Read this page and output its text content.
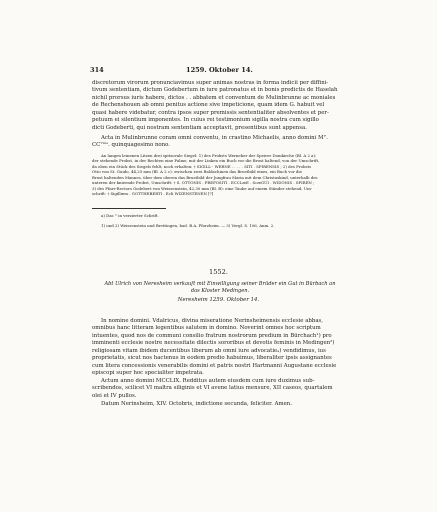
314	1259. Oktober 14.
discretorum virorum pronunciavimus super animas nostras in forma indicii per diffini-
tivum sententiam, dictum Godebertum in iure patronatus et in bonis predictis de Haselah
nichil prorsus iuris habere, dictos . . abbatem et conventum de Mulinbrunne ac moniales
de Rechenshouen ab omni penitus actione sive impeticione, quam idem G. habuit vel
quasi habere videbatur, contra ipsos super premissis sententialiter absolventes et per-
petuum ei silentium imponentes. In cuius rei testimonium sigilla nostra cum sigillo
dicti Godeberti, qui nostram sententiam acceptavit, presentibus sunt appensa.
Acta in Mulinbrunne coram omni conventu, in crastino Michaelis, anno domini M°.
CC°ᵐˢ. quinquagesimo nono.
An langen leinenen Litzen drei spitzovale Siegel: 1) des Probsts Werneher der Speirer Domkirche (Bl. A 2 a):
der stehende Probst, in der Rechten eine Palme, mit der Linken ein Buch vor die Brust haltend, von der Umschrift,
da oben ein Stück des Siegels fehlt, noch erhalten: † SIGILL·· WERNE . . . . . SITI . SPIRENSIS ; 2) des Probsts
Otto von St. Guido, 44,25 mm (Bl. A 2 c): zwischen zwei Baldachinen das Brustbild eines, ein Buch vor die
Brust haltenden Mannes, über dem oberen das Brustbild der Jungfrau Maria mit dem Christuskind, unterhalb des
unteren der knieende Probst, Umschrift: † S. OTTONIS . PREPOSITI . ECCLæE . ScæGUI . WIDONIS . SPIREN ;
3) des Pfarr-Rectors Godebert von Weissenstein, 42,30 mm (Bl. B): eine Taube auf einem Ständer stehend, Um-
schrift: † Sigillæm . GOTTHEBERTI . Ecli WIZENSTENEN [?]
a) Das ʷ in verzierter Schrift.
1) und 2) Weissenstein und Brettingen, bad. B.A. Pforzheim. — 3) Vergl. S. 106, Anm. 2.
1552.
Abt Ulrich von Neresheim verkauft mit Einwilligung seiner Brüder ein Gut in Bürbach an
das Kloster Medingen.
Neresheim 1259. Oktober 14.
In nomine domini. Vdalricus, divina miseratione Nerinsheimensis ecclesie abbas,
omnibus hanc litteram legentibus salutem in domino. Noverint omnes hoc scriptum
intuentes, quod nos de communi consilio fratrum nostrorum predium in Bürchach¹) pro
imminenti ecclesie nostre necessitate dilectis sororibus et devotis feminis in Medingen²)
religiosam vitam ibidem ducentibus liberum ab omni iure advocatieₐ) vendidimus, ius
proprietatis, sicut nos hactenus in eodem predio habuimus, liberaliter ipsis assignantes
cum litera concessionis venerabilis domini et patris nostri Hartmanni Augustane ecclesie
episcopi super hoc specialiter impetrata.
Actum anno domini MCCLIX. Redditus autem eiusdem cum iure duximus sub-
scribendos, scilicet VI maltra siliginis et VI avene latius mensure, XII caseos, quartalem
olei et IV pullos.
Datum Nerinsheim, XIV. Octobris, indictione secunda, feliciter. Amen.
